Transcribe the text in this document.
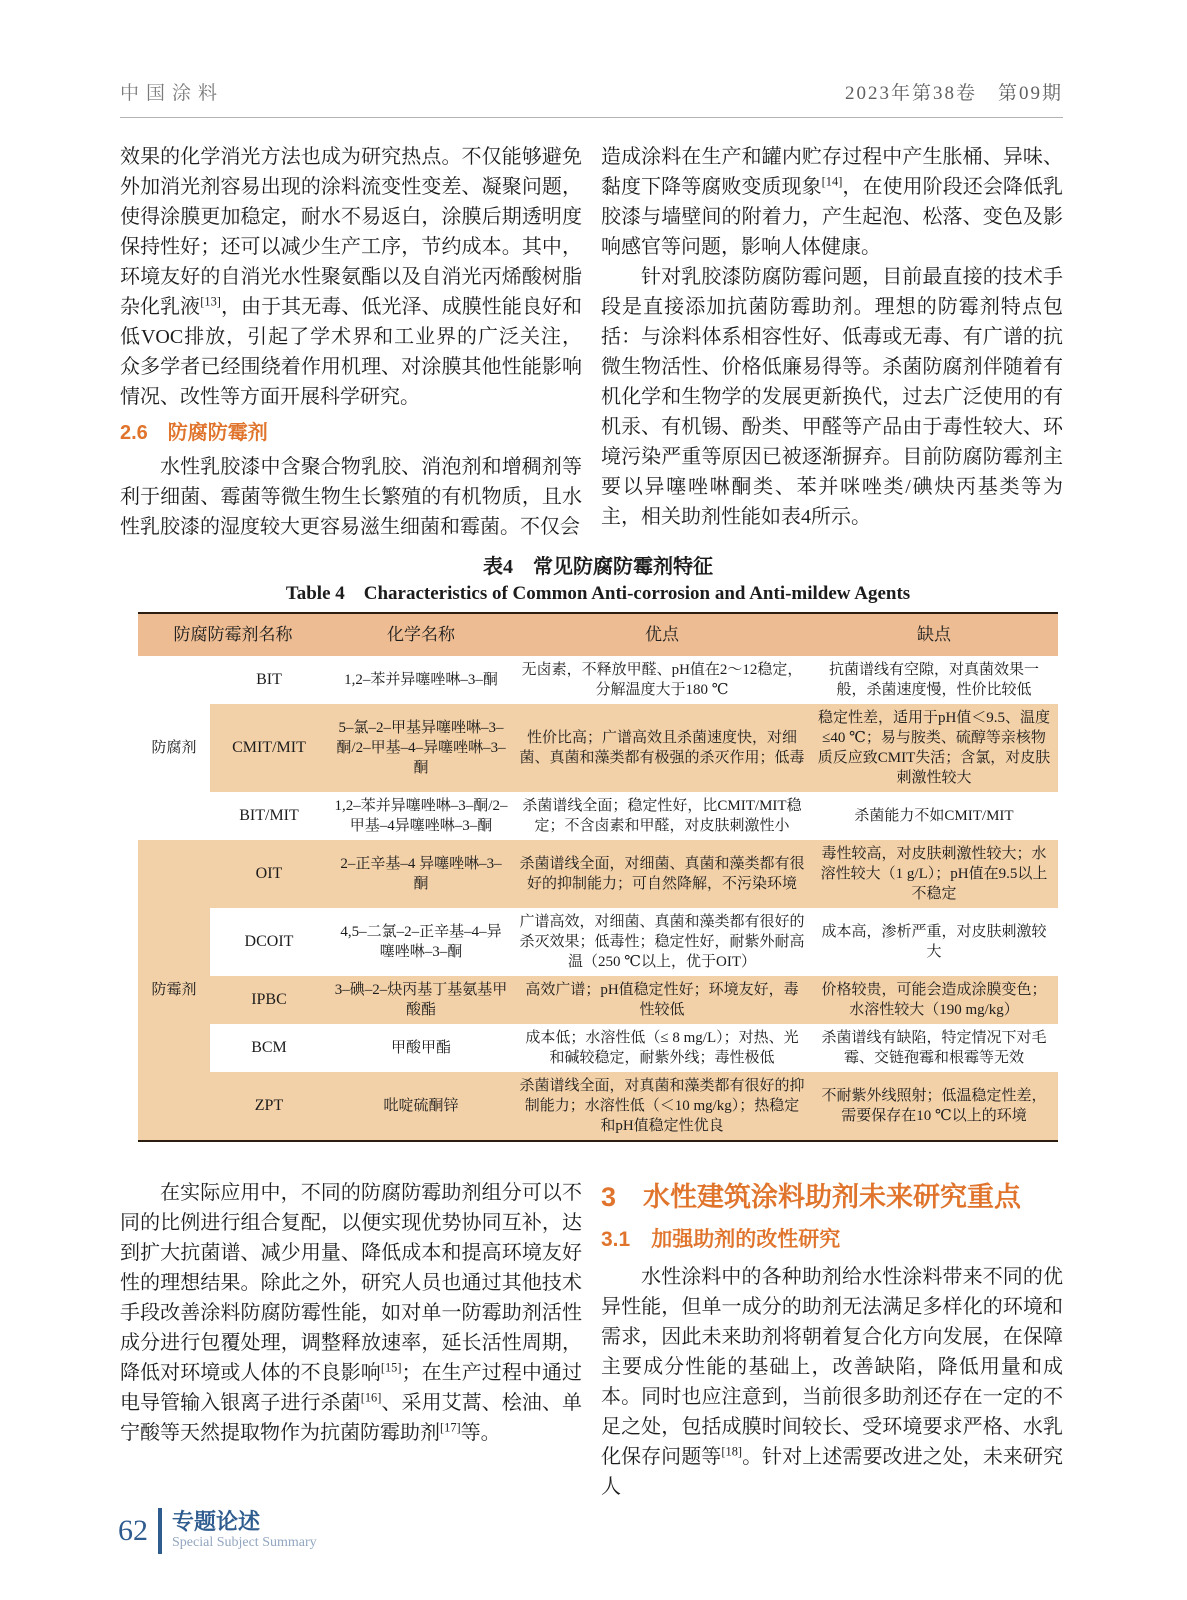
中国涂料	2023年第38卷　第09期

效果的化学消光方法也成为研究热点。不仅能够避免外加消光剂容易出现的涂料流变性变差、凝聚问题，使得涂膜更加稳定，耐水不易返白，涂膜后期透明度保持性好；还可以减少生产工序，节约成本。其中，环境友好的自消光水性聚氨酯以及自消光丙烯酸树脂杂化乳液[13]，由于其无毒、低光泽、成膜性能良好和低VOC排放，引起了学术界和工业界的广泛关注，众多学者已经围绕着作用机理、对涂膜其他性能影响情况、改性等方面开展科学研究。

2.6　防腐防霉剂

水性乳胶漆中含聚合物乳胶、消泡剂和增稠剂等利于细菌、霉菌等微生物生长繁殖的有机物质，且水性乳胶漆的湿度较大更容易滋生细菌和霉菌。不仅会

造成涂料在生产和罐内贮存过程中产生胀桶、异味、黏度下降等腐败变质现象[14]，在使用阶段还会降低乳胶漆与墙壁间的附着力，产生起泡、松落、变色及影响感官等问题，影响人体健康。

针对乳胶漆防腐防霉问题，目前最直接的技术手段是直接添加抗菌防霉助剂。理想的防霉剂特点包括：与涂料体系相容性好、低毒或无毒、有广谱的抗微生物活性、价格低廉易得等。杀菌防腐剂伴随着有机化学和生物学的发展更新换代，过去广泛使用的有机汞、有机锡、酚类、甲醛等产品由于毒性较大、环境污染严重等原因已被逐渐摒弃。目前防腐防霉剂主要以异噻唑啉酮类、苯并咪唑类/碘炔丙基类等为主，相关助剂性能如表4所示。

表4　常见防腐防霉剂特征

Table 4　Characteristics of Common Anti-corrosion and Anti-mildew Agents

防腐防霉剂名称		化学名称	优点	缺点
防腐剂	BIT	1,2–苯并异噻唑啉–3–酮	无卤素，不释放甲醛、pH值在2～12稳定，分解温度大于180 ℃	抗菌谱线有空隙，对真菌效果一般，杀菌速度慢，性价比较低
	CMIT/MIT	5–氯–2–甲基异噻唑啉–3–酮/2–甲基–4–异噻唑啉–3–酮	性价比高；广谱高效且杀菌速度快，对细菌、真菌和藻类都有极强的杀灭作用；低毒	稳定性差，适用于pH值＜9.5、温度≤40 ℃；易与胺类、硫醇等亲核物质反应致CMIT失活；含氯，对皮肤刺激性较大
	BIT/MIT	1,2–苯并异噻唑啉–3–酮/2–甲基–4异噻唑啉–3–酮	杀菌谱线全面；稳定性好，比CMIT/MIT稳定；不含卤素和甲醛，对皮肤刺激性小	杀菌能力不如CMIT/MIT
防霉剂	OIT	2–正辛基–4 异噻唑啉–3–酮	杀菌谱线全面，对细菌、真菌和藻类都有很好的抑制能力；可自然降解，不污染环境	毒性较高，对皮肤刺激性较大；水溶性较大（1 g/L）；pH值在9.5以上不稳定
	DCOIT	4,5–二氯–2–正辛基–4–异噻唑啉–3–酮	广谱高效，对细菌、真菌和藻类都有很好的杀灭效果；低毒性；稳定性好，耐紫外耐高温（250 ℃以上，优于OIT）	成本高，渗析严重，对皮肤刺激较大
	IPBC	3–碘–2–炔丙基丁基氨基甲酸酯	高效广谱；pH值稳定性好；环境友好，毒性较低	价格较贵，可能会造成涂膜变色；水溶性较大（190 mg/kg）
	BCM	甲酸甲酯	成本低；水溶性低（≤ 8 mg/L）；对热、光和碱较稳定，耐紫外线；毒性极低	杀菌谱线有缺陷，特定情况下对毛霉、交链孢霉和根霉等无效
	ZPT	吡啶硫酮锌	杀菌谱线全面，对真菌和藻类都有很好的抑制能力；水溶性低（＜10 mg/kg）；热稳定和pH值稳定性优良	不耐紫外线照射；低温稳定性差，需要保存在10 ℃以上的环境

在实际应用中，不同的防腐防霉助剂组分可以不同的比例进行组合复配，以便实现优势协同互补，达到扩大抗菌谱、减少用量、降低成本和提高环境友好性的理想结果。除此之外，研究人员也通过其他技术手段改善涂料防腐防霉性能，如对单一防霉助剂活性成分进行包覆处理，调整释放速率，延长活性周期，降低对环境或人体的不良影响[15]；在生产过程中通过电导管输入银离子进行杀菌[16]、采用艾蒿、桧油、单宁酸等天然提取物作为抗菌防霉助剂[17]等。

3　水性建筑涂料助剂未来研究重点
3.1　加强助剂的改性研究

水性涂料中的各种助剂给水性涂料带来不同的优异性能，但单一成分的助剂无法满足多样化的环境和需求，因此未来助剂将朝着复合化方向发展，在保障主要成分性能的基础上，改善缺陷，降低用量和成本。同时也应注意到，当前很多助剂还存在一定的不足之处，包括成膜时间较长、受环境要求严格、水乳化保存问题等[18]。针对上述需要改进之处，未来研究人

62 专题论述
Special Subject Summary
